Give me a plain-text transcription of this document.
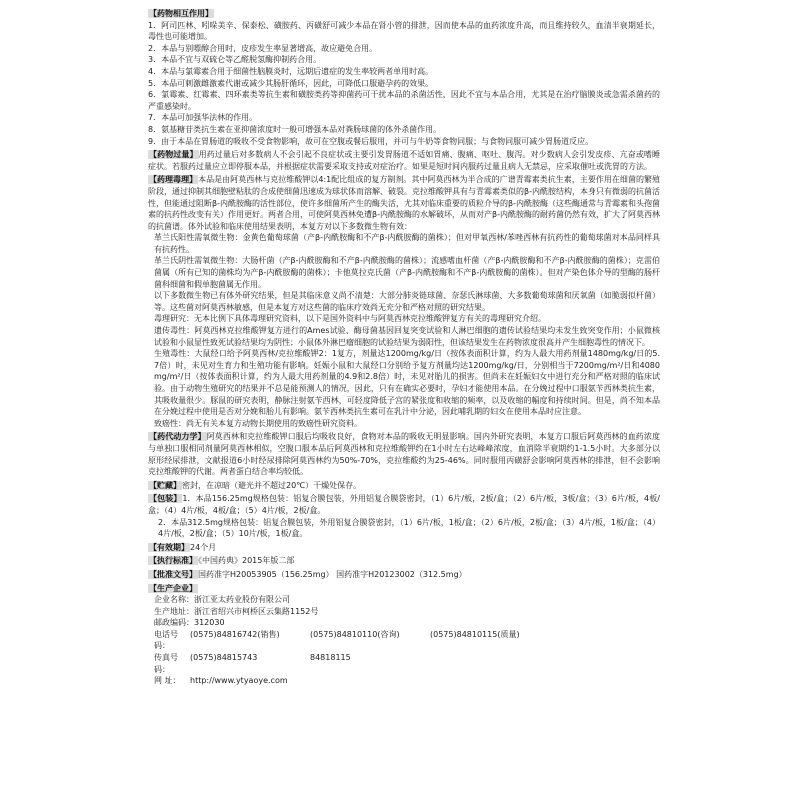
【药物相互作用】

1．阿司匹林、吲哚美辛、保泰松、磺胺药、丙磺舒可减少本品在肾小管的排泄，因而使本品的血药浓度升高，而且维持较久，血清半衰期延长，毒性也可能增加。

2．本品与别嘌醇合用时，皮疹发生率显著增高，故应避免合用。

3．本品不宜与双硫仑等乙醛脱氢酶抑制药合用。

4．本品与氯霉素合用于细菌性脑膜炎时，远期后遗症的发生率较两者单用时高。

5．本品可刺激雌激素代谢或减少其肠肝循环，因此，可降低口服避孕药的效果。

6．氯霉素、红霉素、四环素类等抗生素和磺胺类药等抑菌药可干扰本品的杀菌活性，因此不宜与本品合用，尤其是在治疗脑膜炎或急需杀菌药的严重感染时。

7．本品可加强华法林的作用。

8．氨基糖苷类抗生素在亚抑菌浓度时一般可增强本品对粪肠球菌的体外杀菌作用。

9．由于本品在胃肠道的吸收不受食物影响，故可在空腹或餐后服用，并可与牛奶等食物同服；与食物同服可减少胃肠道反应。

【药物过量】用药过量后对多数病人不会引起不良症状或主要引发胃肠道不适如胃痛、腹痛、呕吐、腹泻。对少数病人会引发皮疹、亢奋或嗜睡症状。若服药过量应立即停服本品，并根据症状需要采取支持或对症治疗。如果是短时间内服药过量且病人无禁忌，应采取催吐或洗胃的方法。

【药理毒理】本品是由阿莫西林与克拉维酸钾以4:1配比组成的复方制剂。其中阿莫西林为半合成的广谱青霉素类抗生素，主要作用在细菌的繁殖阶段，通过抑制其细胞壁粘肽的合成使细菌迅速成为球状体而溶解、破裂。克拉维酸钾具有与青霉素类似的β-内酰胺结构，本身只有微弱的抗菌活性，但能通过阻断β-内酰胺酶的活性部位，使许多细菌所产生的酶失活，尤其对临床重要的质粒介导的β-内酰胺酶（这些酶通常与青霉素和头孢菌素的抗药性改变有关）作用更好。两者合用，可使阿莫西林免遭β-内酰胺酶的水解破坏，从而对产β-内酰胺酶的耐药菌仍然有效，扩大了阿莫西林的抗菌谱。体外试验和临床使用结果表明，本复方对以下多数微生物有效：

革兰氏阳性需氧微生物：金黄色葡萄球菌（产β-内酰胺酶和不产β-内酰胺酶的菌株）；但对甲氧西林/苯唑西林有抗药性的葡萄球菌对本品同样具有抗药性。

革兰氏阴性需氧微生物：大肠杆菌（产β-内酰胺酶和不产β-内酰胺酶的菌株）；流感嗜血杆菌（产β-内酰胺酶和不产β-内酰胺酶的菌株）；克雷伯菌属（所有已知的菌株均为产β-内酰胺酶的菌株）；卡他莫拉克氏菌（产β-内酰胺酶和不产β-内酰胺酶的菌株）。但对产染色体介导的型酶的肠杆菌科细菌和假单胞菌属无作用。

以下多数微生物已有体外研究结果，但是其临床意义尚不清楚：大部分肺炎链球菌、奈瑟氏淋球菌、大多数葡萄球菌和厌氧菌（如脆弱拟杆菌）等。这些菌对阿莫西林敏感，但是本复方对这些菌的临床疗效尚无充分和严格对照的研究结果。

毒理研究：无本比例下具体毒理研究资料，以下是国外资料中与阿莫西林克拉维酸钾复方有关的毒理研究介绍。

遗传毒性：阿莫西林克拉维酸钾复方进行的Ames试验、酶母菌基因回复突变试验和人淋巴细胞的遗传试验结果均未发生致突变作用；小鼠微核试验和小鼠显性致死试验结果均为阴性；小鼠体外淋巴瘤细胞的试验结果为弱阳性，但该结果发生在药物浓度很高并产生细胞毒性的情况下。

生殖毒性：大鼠经口给予阿莫西林/克拉维酸钾2：1复方，剂量达1200mg/kg/日（按体表面积计算，约为人最大用药剂量1480mg/kg/日的5.7倍）时，未见对生育力和生殖功能有影响。妊娠小鼠和大鼠经口分别给予复方剂量均达1200mg/kg/日，分别相当于7200mg/m²/日和4080mg/m²/日（按体表面积计算，约为人最大用药剂量的4.9和2.8倍）时，未见对胎儿的损害。但尚未在妊娠妇女中进行充分和严格对照的临床试验。由于动物生殖研究的结果并不总是能预测人的情况，因此，只有在确实必要时，孕妇才能使用本品。在分娩过程中口服氨苄西林类抗生素，其吸收量很少。豚鼠的研究表明，静脉注射氨苄西林，可轻度降低子宫的紧张度和收缩的频率，以及收缩的幅度和持续时间。但是，尚不知本品在分娩过程中使用是否对分娩和胎儿有影响。氨苄西林类抗生素可在乳汁中分泌，因此哺乳期的妇女在使用本品时应注意。

致癌性：尚无有关本复方动物长期使用的致癌性研究资料。

【药代动力学】阿莫西林和克拉维酸钾口服后均吸收良好，食物对本品的吸收无明显影响。国内外研究表明，本复方口服后阿莫西林的血药浓度与单独口服相同剂量阿莫西林相似，空腹口服本品后阿莫西林和克拉维酸钾约在1小时左右达峰峰浓度，血消除半衰期约1-1.5小时。大多部分以原形经尿排泄，文献报道6小时经尿排除阿莫西林约为50%-70%，克拉维酸约为25-46%。同时服用丙磺舒会影响阿莫西林的排泄，但不会影响克拉维酸钾的代谢。两者蛋白结合率均较低。

【贮藏】密封，在凉暗（避光并不超过20℃）干燥处保存。

【包装】1．本品156.25mg规格包装：铝复合膜包装，外用铝复合膜袋密封，（1）6片/板，2板/盒；（2）6片/板，3板/盒；（3）6片/板，4板/盒；（4）4片/板，4板/盒；（5）4片/板，2板/盒。

2．本品312.5mg规格包装：铝复合膜包装，外用铝复合膜袋密封，（1）6片/板，1板/盒；（2）6片/板，2板/盒；（3）4片/板，1板/盒；（4）4片/板，2板/盒；（5）10片/板，1板/盒。

【有效期】24个月

【执行标准】《中国药典》2015年版二部

【批准文号】国药准字H20053905（156.25mg） 国药准字H20123002（312.5mg）

【生产企业】

企业名称：浙江亚太药业股份有限公司

生产地址：浙江省绍兴市柯桥区云集路1152号

邮政编码：312030

电话号码：
(0575)84816742(销售)	(0575)84810110(咨询)	(0575)84810115(质量)
传真号码：
(0575)84815743	84818115
网 址：	http://www.ytyaoye.com
